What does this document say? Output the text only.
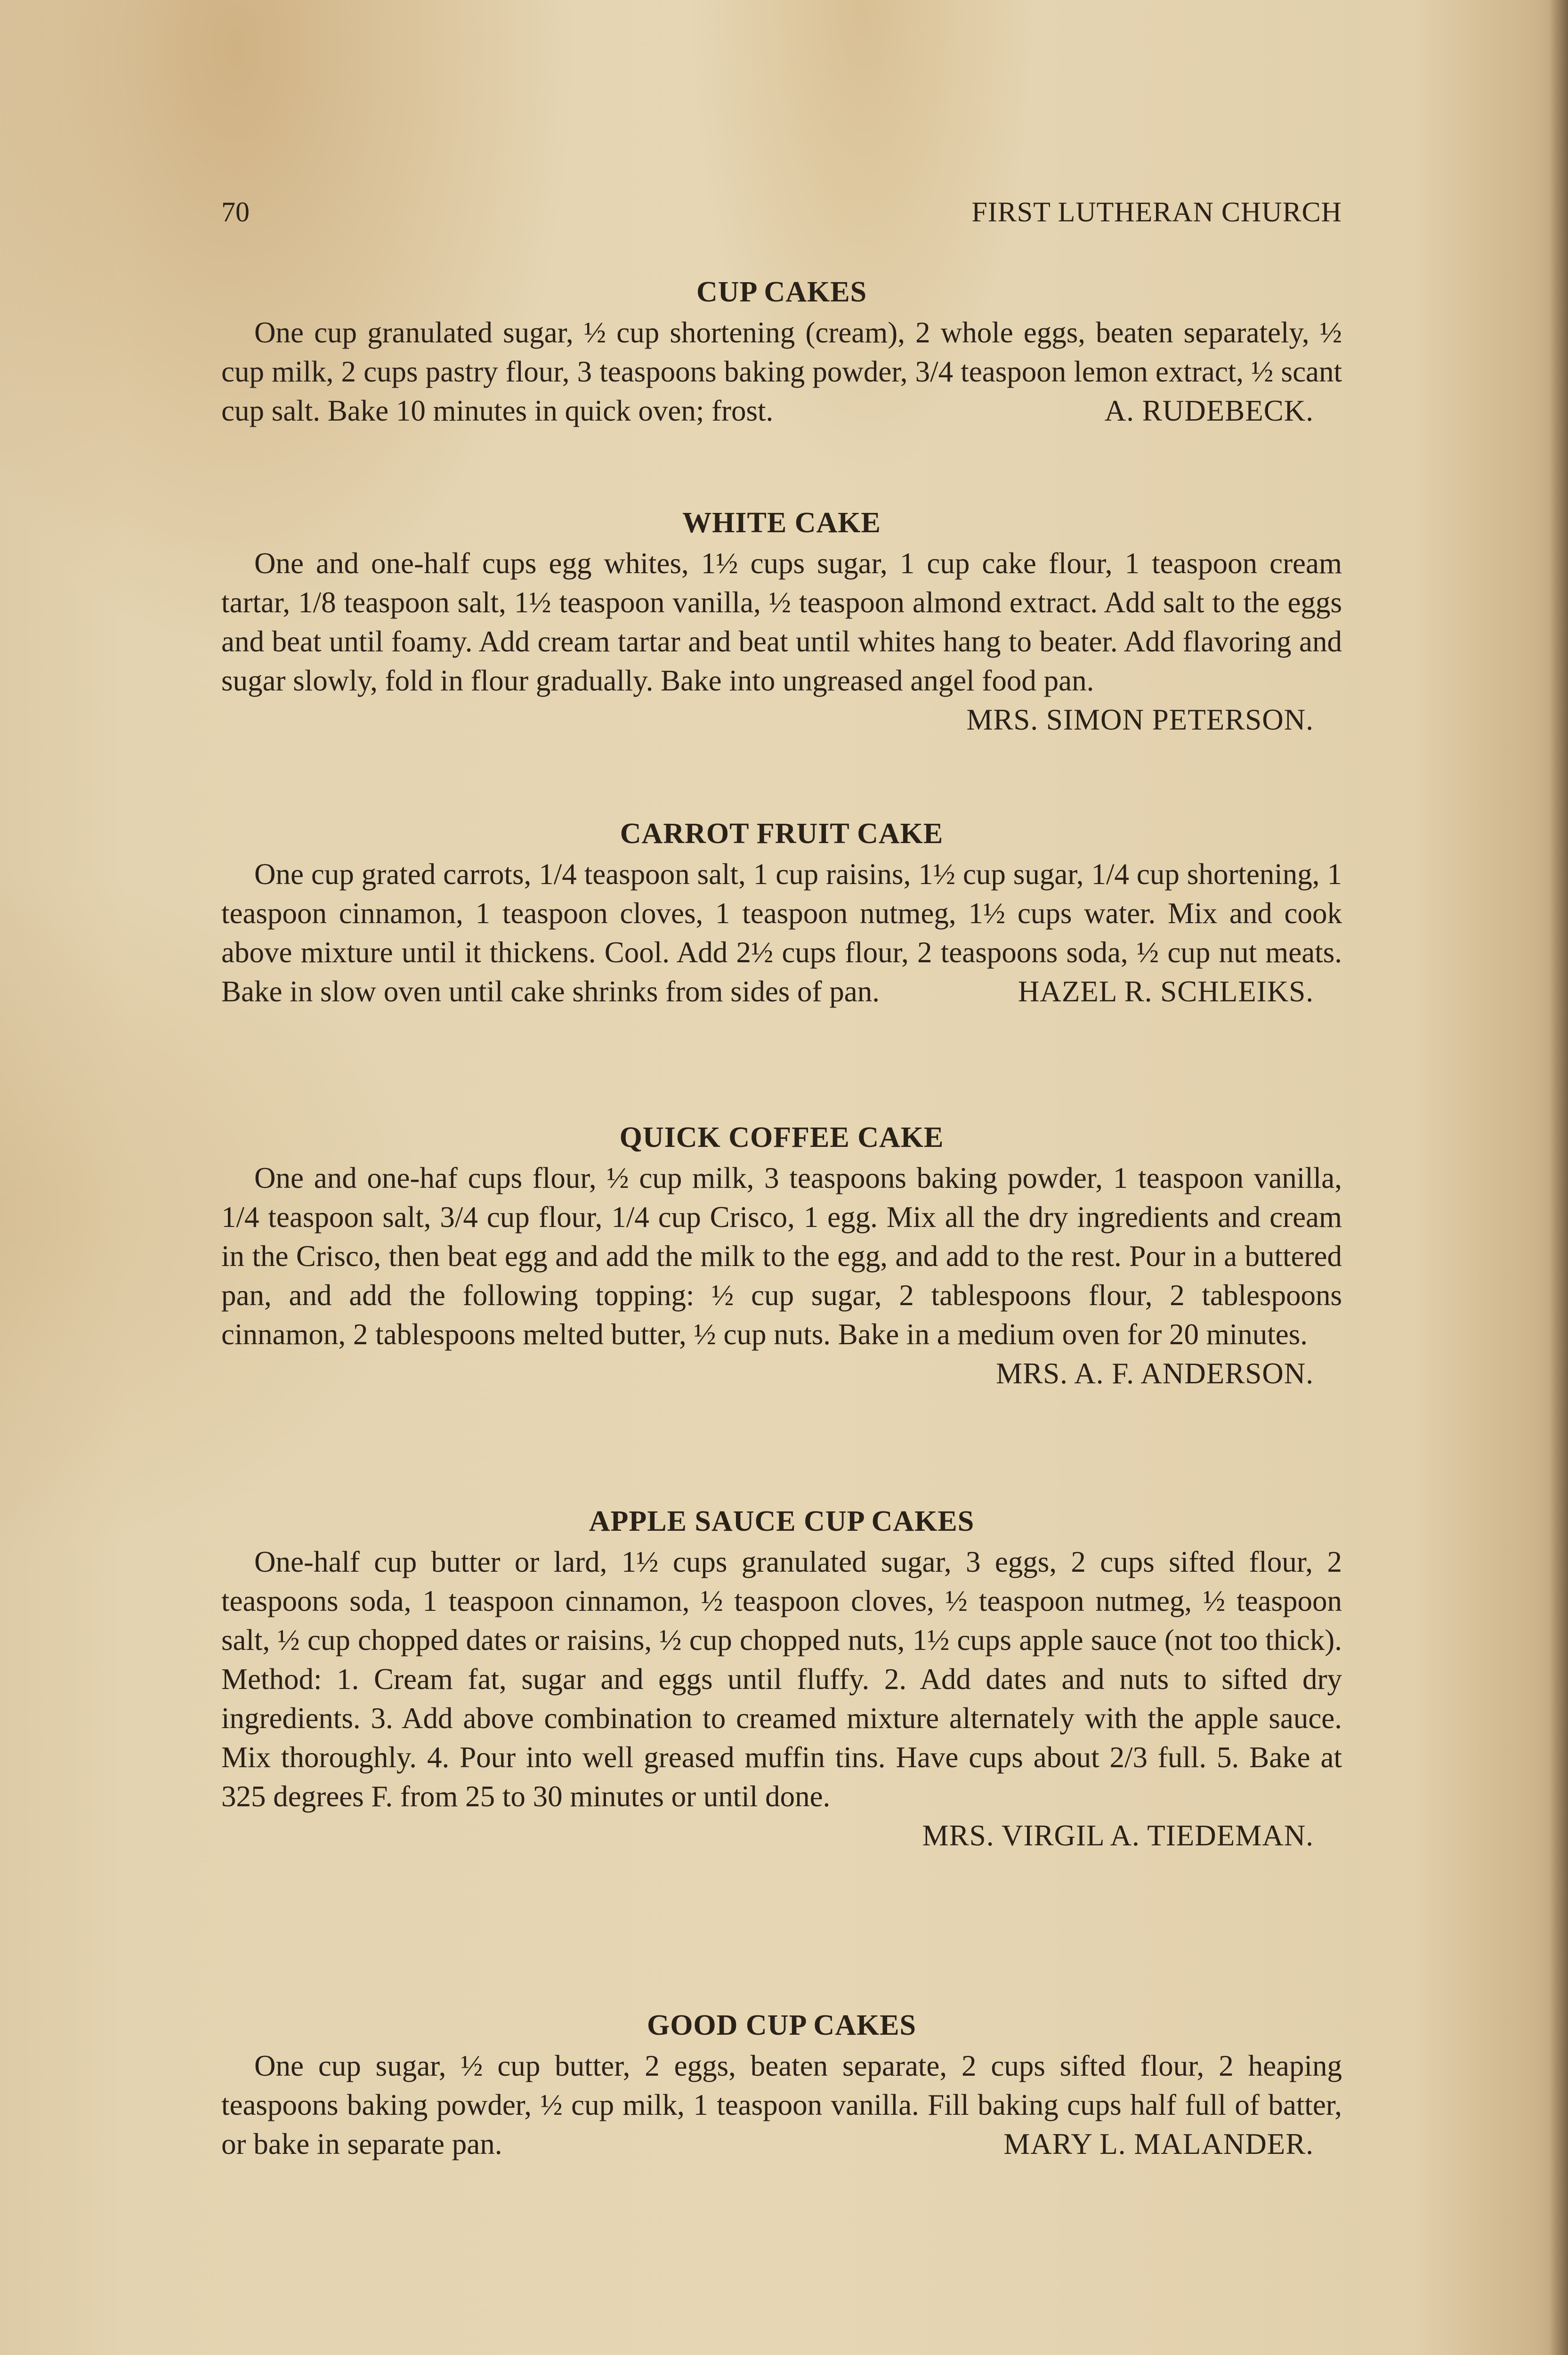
70	FIRST LUTHERAN CHURCH
CUP CAKES

One cup granulated sugar, ½ cup shortening (cream), 2 whole eggs, beaten separately, ½ cup milk, 2 cups pastry flour, 3 teaspoons baking powder, 3/4 teaspoon lemon extract, ½ scant cup salt. Bake 10 minutes in quick oven; frost.	A. RUDEBECK.

WHITE CAKE

One and one-half cups egg whites, 1½ cups sugar, 1 cup cake flour, 1 teaspoon cream tartar, 1/8 teaspoon salt, 1½ teaspoon vanilla, ½ teaspoon almond extract. Add salt to the eggs and beat until foamy. Add cream tartar and beat until whites hang to beater. Add flavoring and sugar slowly, fold in flour gradually. Bake into ungreased angel food pan.
MRS. SIMON PETERSON.

CARROT FRUIT CAKE

One cup grated carrots, 1/4 teaspoon salt, 1 cup raisins, 1½ cup sugar, 1/4 cup shortening, 1 teaspoon cinnamon, 1 teaspoon cloves, 1 teaspoon nutmeg, 1½ cups water. Mix and cook above mixture until it thickens. Cool. Add 2½ cups flour, 2 teaspoons soda, ½ cup nut meats. Bake in slow oven until cake shrinks from sides of pan.	HAZEL R. SCHLEIKS.

QUICK COFFEE CAKE

One and one-haf cups flour, ½ cup milk, 3 teaspoons baking powder, 1 teaspoon vanilla, 1/4 teaspoon salt, 3/4 cup flour, 1/4 cup Crisco, 1 egg. Mix all the dry ingredients and cream in the Crisco, then beat egg and add the milk to the egg, and add to the rest. Pour in a buttered pan, and add the following topping: ½ cup sugar, 2 tablespoons flour, 2 tablespoons cinnamon, 2 tablespoons melted butter, ½ cup nuts. Bake in a medium oven for 20 minutes.
MRS. A. F. ANDERSON.

APPLE SAUCE CUP CAKES

One-half cup butter or lard, 1½ cups granulated sugar, 3 eggs, 2 cups sifted flour, 2 teaspoons soda, 1 teaspoon cinnamon, ½ teaspoon cloves, ½ teaspoon nutmeg, ½ teaspoon salt, ½ cup chopped dates or raisins, ½ cup chopped nuts, 1½ cups apple sauce (not too thick). Method: 1. Cream fat, sugar and eggs until fluffy. 2. Add dates and nuts to sifted dry ingredients. 3. Add above combination to creamed mixture alternately with the apple sauce. Mix thoroughly. 4. Pour into well greased muffin tins. Have cups about 2/3 full. 5. Bake at 325 degrees F. from 25 to 30 minutes or until done.

MRS. VIRGIL A. TIEDEMAN.
GOOD CUP CAKES

One cup sugar, ½ cup butter, 2 eggs, beaten separate, 2 cups sifted flour, 2 heaping teaspoons baking powder, ½ cup milk, 1 teaspoon vanilla. Fill baking cups half full of batter, or bake in separate pan.	MARY L. MALANDER.
